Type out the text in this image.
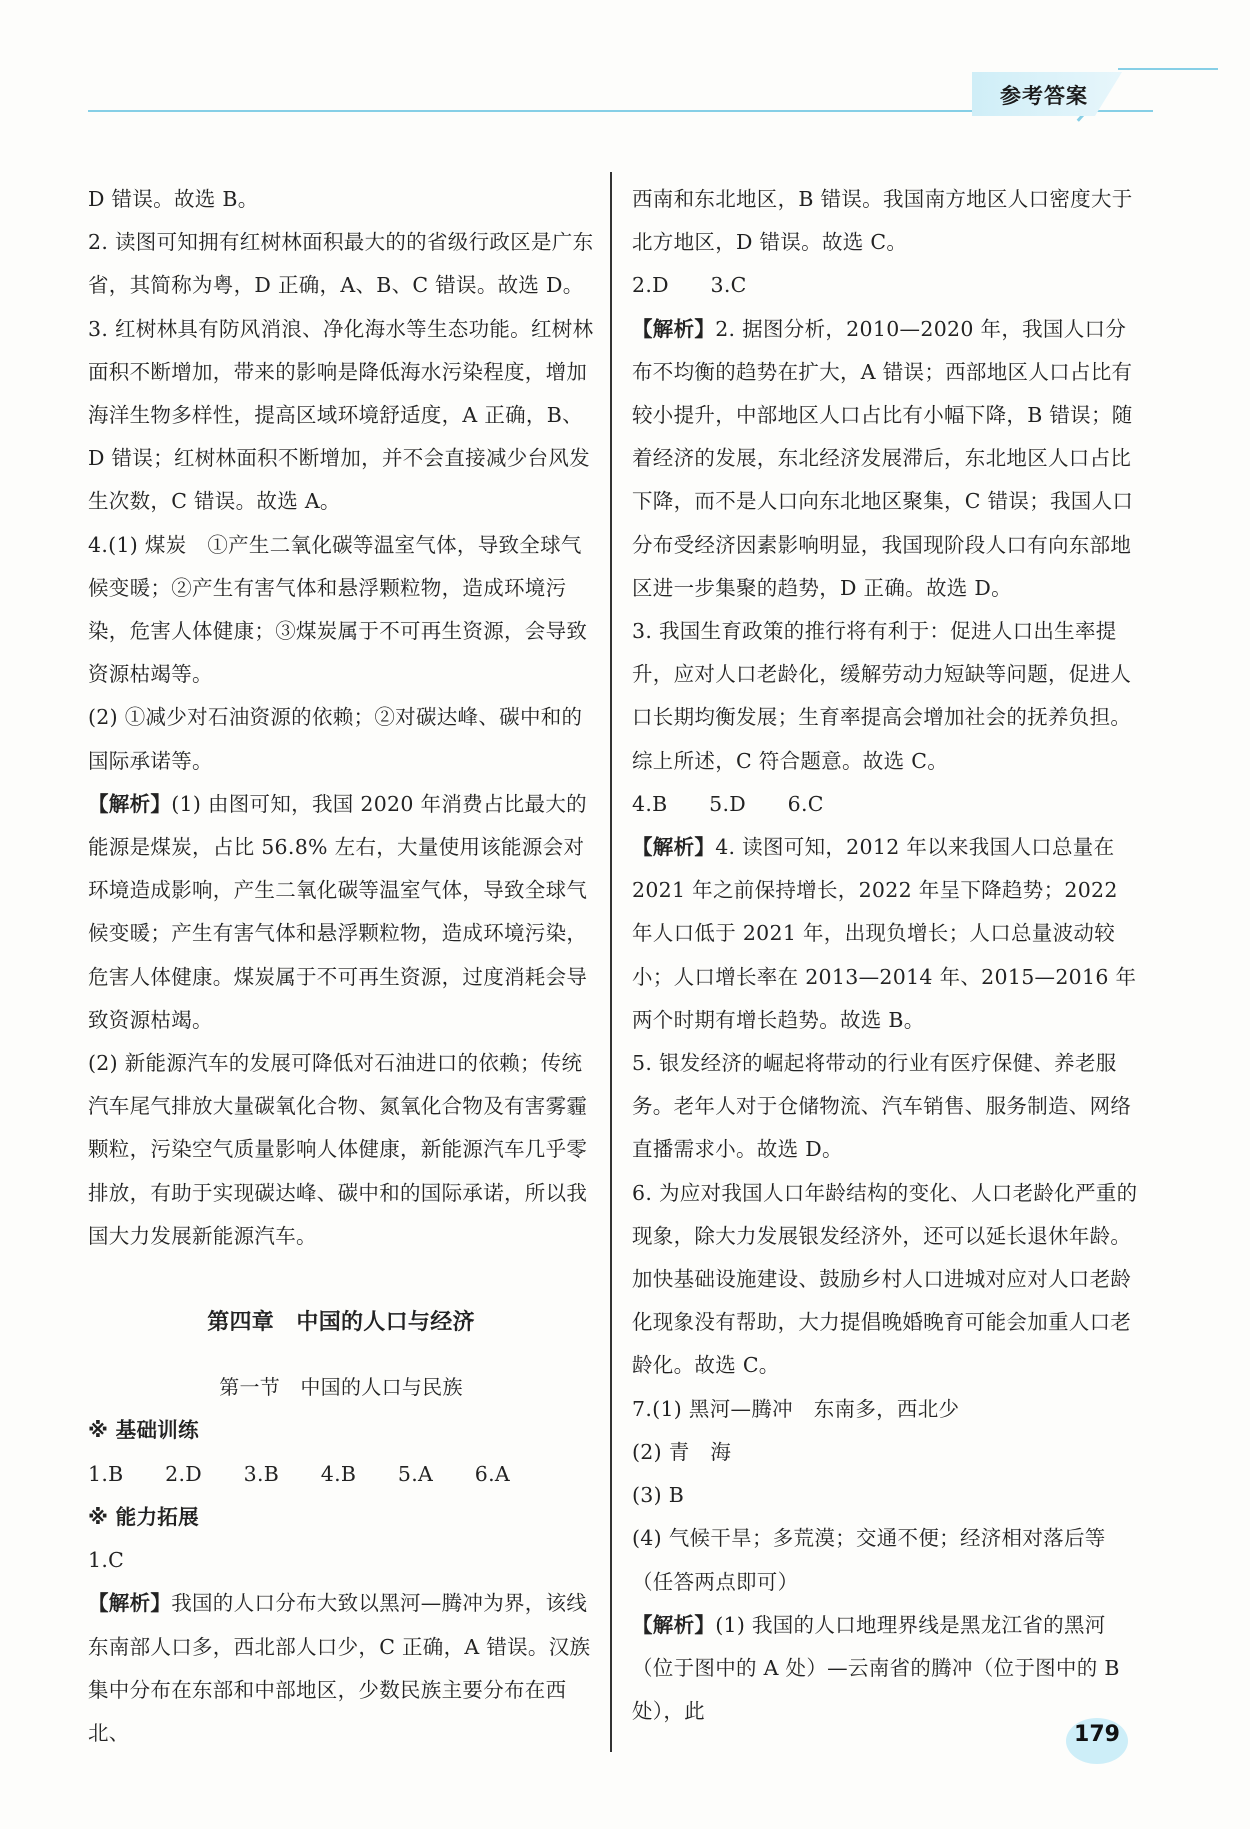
参考答案

D 错误。故选 B。

2. 读图可知拥有红树林面积最大的的省级行政区是广东省，其简称为粤，D 正确，A、B、C 错误。故选 D。

3. 红树林具有防风消浪、净化海水等生态功能。红树林面积不断增加，带来的影响是降低海水污染程度，增加海洋生物多样性，提高区域环境舒适度，A 正确，B、D 错误；红树林面积不断增加，并不会直接减少台风发生次数，C 错误。故选 A。

4.(1) 煤炭　①产生二氧化碳等温室气体，导致全球气候变暖；②产生有害气体和悬浮颗粒物，造成环境污染，危害人体健康；③煤炭属于不可再生资源，会导致资源枯竭等。

(2) ①减少对石油资源的依赖；②对碳达峰、碳中和的国际承诺等。

【解析】(1) 由图可知，我国 2020 年消费占比最大的能源是煤炭，占比 56.8% 左右，大量使用该能源会对环境造成影响，产生二氧化碳等温室气体，导致全球气候变暖；产生有害气体和悬浮颗粒物，造成环境污染，危害人体健康。煤炭属于不可再生资源，过度消耗会导致资源枯竭。

(2) 新能源汽车的发展可降低对石油进口的依赖；传统汽车尾气排放大量碳氧化合物、氮氧化合物及有害雾霾颗粒，污染空气质量影响人体健康，新能源汽车几乎零排放，有助于实现碳达峰、碳中和的国际承诺，所以我国大力发展新能源汽车。

第四章　中国的人口与经济

第一节　中国的人口与民族

※ 基础训练

1.B　　2.D　　3.B　　4.B　　5.A　　6.A

※ 能力拓展

1.C

【解析】我国的人口分布大致以黑河—腾冲为界，该线东南部人口多，西北部人口少，C 正确，A 错误。汉族集中分布在东部和中部地区，少数民族主要分布在西北、

西南和东北地区，B 错误。我国南方地区人口密度大于北方地区，D 错误。故选 C。

2.D　　3.C

【解析】2. 据图分析，2010—2020 年，我国人口分布不均衡的趋势在扩大，A 错误；西部地区人口占比有较小提升，中部地区人口占比有小幅下降，B 错误；随着经济的发展，东北经济发展滞后，东北地区人口占比下降，而不是人口向东北地区聚集，C 错误；我国人口分布受经济因素影响明显，我国现阶段人口有向东部地区进一步集聚的趋势，D 正确。故选 D。

3. 我国生育政策的推行将有利于：促进人口出生率提升，应对人口老龄化，缓解劳动力短缺等问题，促进人口长期均衡发展；生育率提高会增加社会的抚养负担。综上所述，C 符合题意。故选 C。

4.B　　5.D　　6.C

【解析】4. 读图可知，2012 年以来我国人口总量在 2021 年之前保持增长，2022 年呈下降趋势；2022 年人口低于 2021 年，出现负增长；人口总量波动较小；人口增长率在 2013—2014 年、2015—2016 年两个时期有增长趋势。故选 B。

5. 银发经济的崛起将带动的行业有医疗保健、养老服务。老年人对于仓储物流、汽车销售、服务制造、网络直播需求小。故选 D。

6. 为应对我国人口年龄结构的变化、人口老龄化严重的现象，除大力发展银发经济外，还可以延长退休年龄。加快基础设施建设、鼓励乡村人口进城对应对人口老龄化现象没有帮助，大力提倡晚婚晚育可能会加重人口老龄化。故选 C。

7.(1) 黑河—腾冲　东南多，西北少

(2) 青　海

(3) B

(4) 气候干旱；多荒漠；交通不便；经济相对落后等（任答两点即可）

【解析】(1) 我国的人口地理界线是黑龙江省的黑河（位于图中的 A 处）—云南省的腾冲（位于图中的 B 处），此

179
